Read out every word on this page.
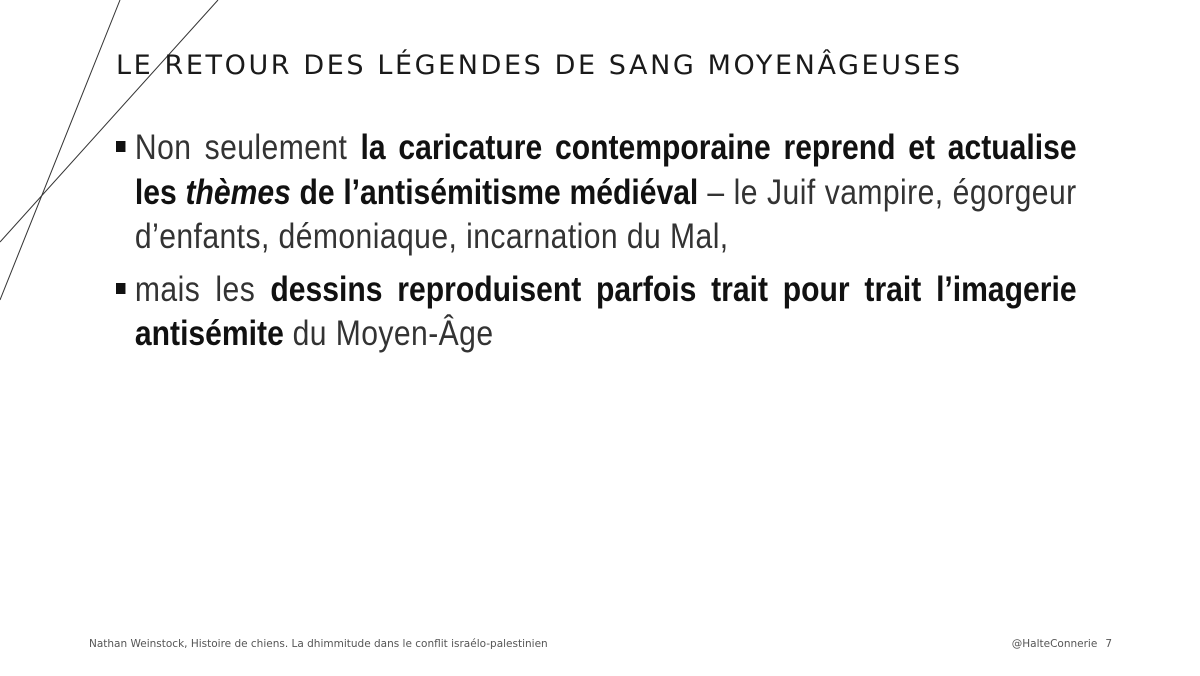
LE RETOUR DES LÉGENDES DE SANG MOYENÂGEUSES
Non seulement la caricature contemporaine reprend et actualise les thèmes de l’antisémitisme médiéval – le Juif vampire, égorgeur d’enfants, démoniaque, incarnation du Mal,
mais les dessins reproduisent parfois trait pour trait l’imagerie antisémite du Moyen-Âge
Nathan Weinstock, Histoire de chiens. La dhimmitude dans le conflit israélo-palestinien	@HalteConnerie 7
